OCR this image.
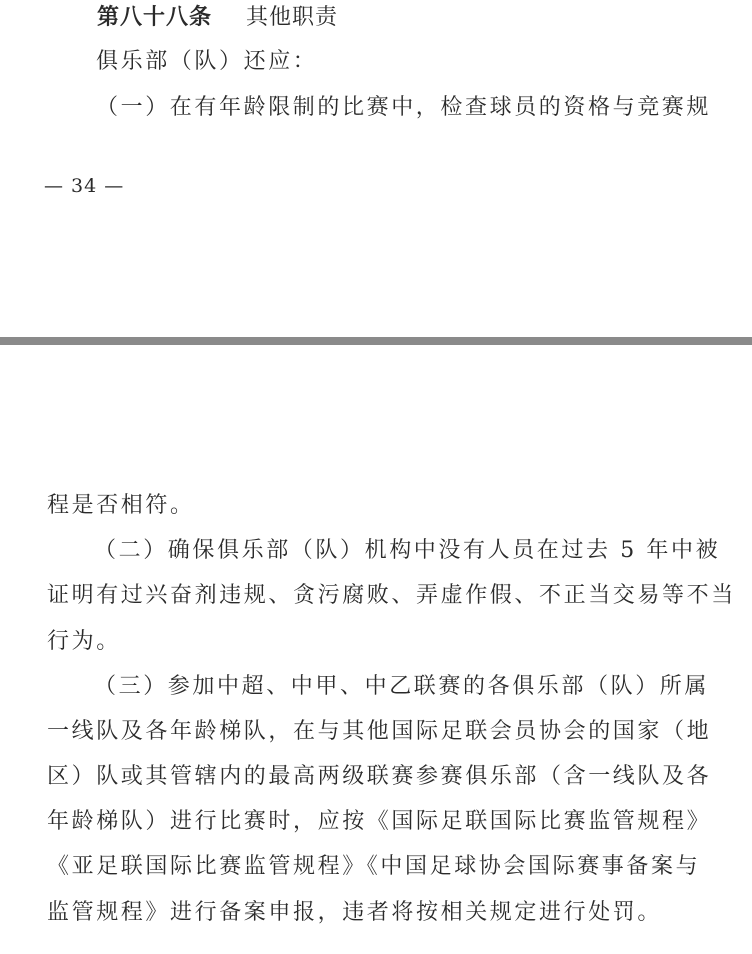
第八十八条 其他职责
俱乐部（队）还应：
（一）在有年龄限制的比赛中，检查球员的资格与竞赛规
— 34 —
程是否相符。
（二）确保俱乐部（队）机构中没有人员在过去 5 年中被
证明有过兴奋剂违规、贪污腐败、弄虚作假、不正当交易等不当
行为。
（三）参加中超、中甲、中乙联赛的各俱乐部（队）所属
一线队及各年龄梯队，在与其他国际足联会员协会的国家（地
区）队或其管辖内的最高两级联赛参赛俱乐部（含一线队及各
年龄梯队）进行比赛时，应按《国际足联国际比赛监管规程》
《亚足联国际比赛监管规程》《中国足球协会国际赛事备案与
监管规程》进行备案申报，违者将按相关规定进行处罚。
